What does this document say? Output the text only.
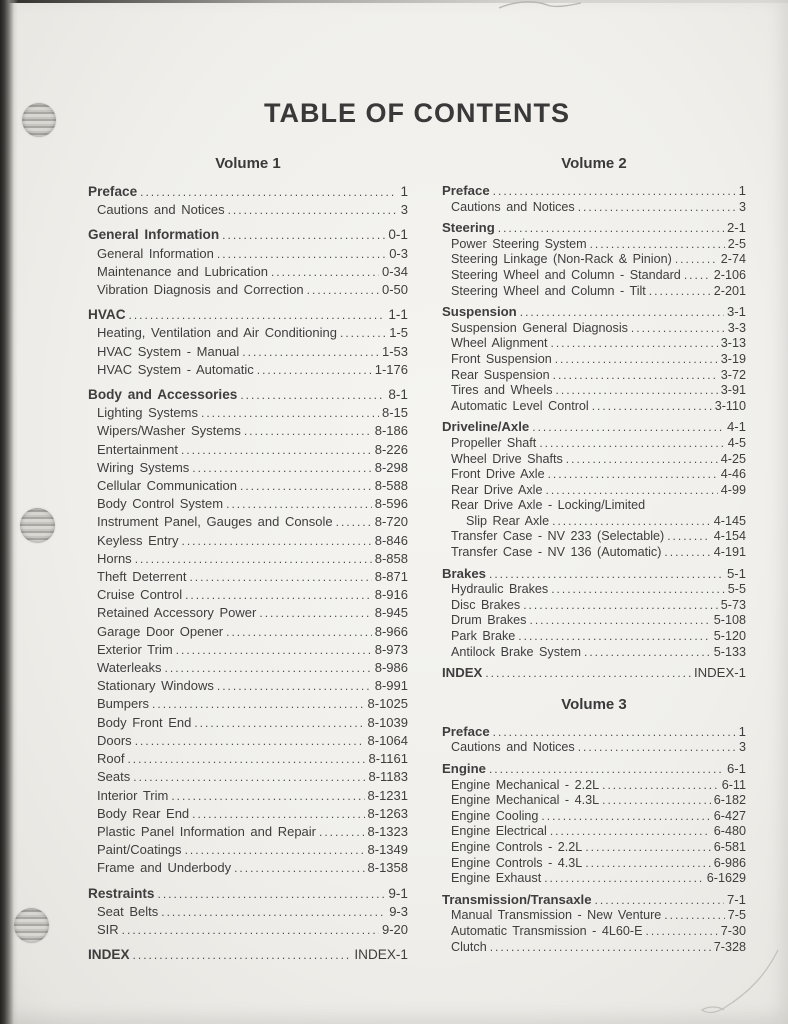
TABLE OF CONTENTS
Volume 1
Preface .....	1
Cautions and Notices .....	3
General Information .....	0-1
General Information .....	0-3
Maintenance and Lubrication .....	0-34
Vibration Diagnosis and Correction .....	0-50
HVAC .....	1-1
Heating, Ventilation and Air Conditioning .....	1-5
HVAC System - Manual .....	1-53
HVAC System - Automatic .....	1-176
Body and Accessories .....	8-1
Lighting Systems .....	8-15
Wipers/Washer Systems .....	8-186
Entertainment .....	8-226
Wiring Systems .....	8-298
Cellular Communication .....	8-588
Body Control System .....	8-596
Instrument Panel, Gauges and Console .....	8-720
Keyless Entry .....	8-846
Horns .....	8-858
Theft Deterrent .....	8-871
Cruise Control .....	8-916
Retained Accessory Power .....	8-945
Garage Door Opener .....	8-966
Exterior Trim .....	8-973
Waterleaks .....	8-986
Stationary Windows .....	8-991
Bumpers .....	8-1025
Body Front End .....	8-1039
Doors .....	8-1064
Roof .....	8-1161
Seats .....	8-1183
Interior Trim .....	8-1231
Body Rear End .....	8-1263
Plastic Panel Information and Repair .....	8-1323
Paint/Coatings .....	8-1349
Frame and Underbody .....	8-1358
Restraints .....	9-1
Seat Belts .....	9-3
SIR .....	9-20
INDEX .....	INDEX-1
Volume 2
Preface .....	1
Cautions and Notices .....	3
Steering .....	2-1
Power Steering System .....	2-5
Steering Linkage (Non-Rack & Pinion) .....	2-74
Steering Wheel and Column - Standard .....	2-106
Steering Wheel and Column - Tilt .....	2-201
Suspension .....	3-1
Suspension General Diagnosis .....	3-3
Wheel Alignment .....	3-13
Front Suspension .....	3-19
Rear Suspension .....	3-72
Tires and Wheels .....	3-91
Automatic Level Control .....	3-110
Driveline/Axle .....	4-1
Propeller Shaft .....	4-5
Wheel Drive Shafts .....	4-25
Front Drive Axle .....	4-46
Rear Drive Axle .....	4-99
Rear Drive Axle - Locking/Limited
Slip Rear Axle .....	4-145
Transfer Case - NV 233 (Selectable) .....	4-154
Transfer Case - NV 136 (Automatic) .....	4-191
Brakes .....	5-1
Hydraulic Brakes .....	5-5
Disc Brakes .....	5-73
Drum Brakes .....	5-108
Park Brake .....	5-120
Antilock Brake System .....	5-133
INDEX .....	INDEX-1
Volume 3
Preface .....	1
Cautions and Notices .....	3
Engine .....	6-1
Engine Mechanical - 2.2L .....	6-11
Engine Mechanical - 4.3L .....	6-182
Engine Cooling .....	6-427
Engine Electrical .....	6-480
Engine Controls - 2.2L .....	6-581
Engine Controls - 4.3L .....	6-986
Engine Exhaust .....	6-1629
Transmission/Transaxle .....	7-1
Manual Transmission - New Venture .....	7-5
Automatic Transmission - 4L60-E .....	7-30
Clutch .....	7-328
